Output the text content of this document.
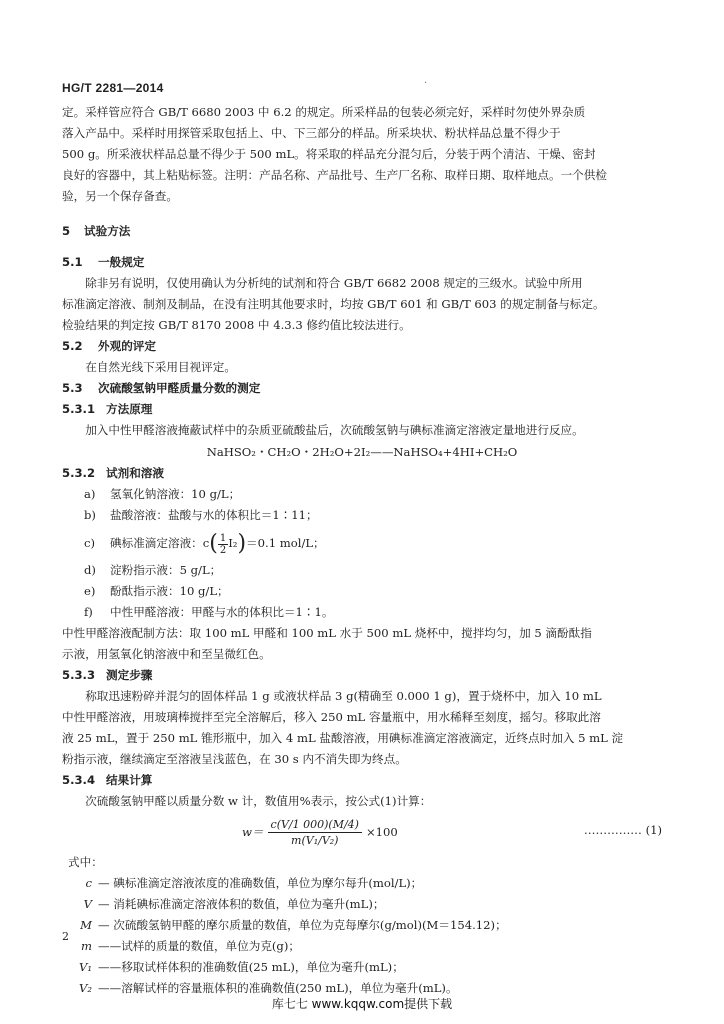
HG/T 2281—2014	·

定。采样管应符合 GB/T 6680 2003 中 6.2 的规定。所采样品的包装必须完好，采样时勿使外界杂质

落入产品中。采样时用探管采取包括上、中、下三部分的样品。所采块状、粉状样品总量不得少于

500 g。所采液状样品总量不得少于 500 mL。将采取的样品充分混匀后，分装于两个清洁、干燥、密封

良好的容器中，其上粘贴标签。注明：产品名称、产品批号、生产厂名称、取样日期、取样地点。一个供检

验，另一个保存备查。

5 试验方法

5.1 一般规定

除非另有说明，仅使用确认为分析纯的试剂和符合 GB/T 6682 2008 规定的三级水。试验中所用

标准滴定溶液、制剂及制品，在没有注明其他要求时，均按 GB/T 601 和 GB/T 603 的规定制备与标定。

检验结果的判定按 GB/T 8170 2008 中 4.3.3 修约值比较法进行。

5.2 外观的评定

在自然光线下采用目视评定。

5.3 次硫酸氢钠甲醛质量分数的测定

5.3.1 方法原理

加入中性甲醛溶液掩蔽试样中的杂质亚硫酸盐后，次硫酸氢钠与碘标准滴定溶液定量地进行反应。

NaHSO₂・CH₂O・2H₂O+2I₂——NaHSO₄+4HI+CH₂O

5.3.2 试剂和溶液

a) 氢氧化钠溶液：10 g/L；

b) 盐酸溶液：盐酸与水的体积比＝1∶11；

c) 碘标准滴定溶液：$c( \frac{1}{2} I_2)=0.1$ mol/L；

d) 淀粉指示液：5 g/L；

e) 酚酞指示液：10 g/L；

f) 中性甲醛溶液：甲醛与水的体积比＝1∶1。

中性甲醛溶液配制方法：取 100 mL 甲醛和 100 mL 水于 500 mL 烧杯中，搅拌均匀，加 5 滴酚酞指

示液，用氢氧化钠溶液中和至呈微红色。

5.3.3 测定步骤

称取迅速粉碎并混匀的固体样品 1 g 或液状样品 3 g(精确至 0.000 1 g)，置于烧杯中，加入 10 mL

中性甲醛溶液，用玻璃棒搅拌至完全溶解后，移入 250 mL 容量瓶中，用水稀释至刻度，摇匀。移取此溶

液 25 mL，置于 250 mL 锥形瓶中，加入 4 mL 盐酸溶液，用碘标准滴定溶液滴定，近终点时加入 5 mL 淀

粉指示液，继续滴定至溶液呈浅蓝色，在 30 s 内不消失即为终点。

5.3.4 结果计算

次硫酸氢钠甲醛以质量分数 w 计，数值用%表示，按公式(1)计算：

$w= \frac{c(V/1 000)(M/4)}{\text{m(V₁/V₂)}} \times 100$	…………… (1)

式中：

c — 碘标准滴定溶液浓度的准确数值，单位为摩尔每升(mol/L)；

V — 消耗碘标准滴定溶液体积的数值，单位为毫升(mL)；

M — 次硫酸氢钠甲醛的摩尔质量的数值，单位为克每摩尔(g/mol)(M＝154.12)；

m ——试样的质量的数值，单位为克(g)；

V₁ ——移取试样体积的准确数值(25 mL)，单位为毫升(mL)；

V₂ ——溶解试样的容量瓶体积的准确数值(250 mL)，单位为毫升(mL)。

2
库七七 www.kqqw.com提供下载
